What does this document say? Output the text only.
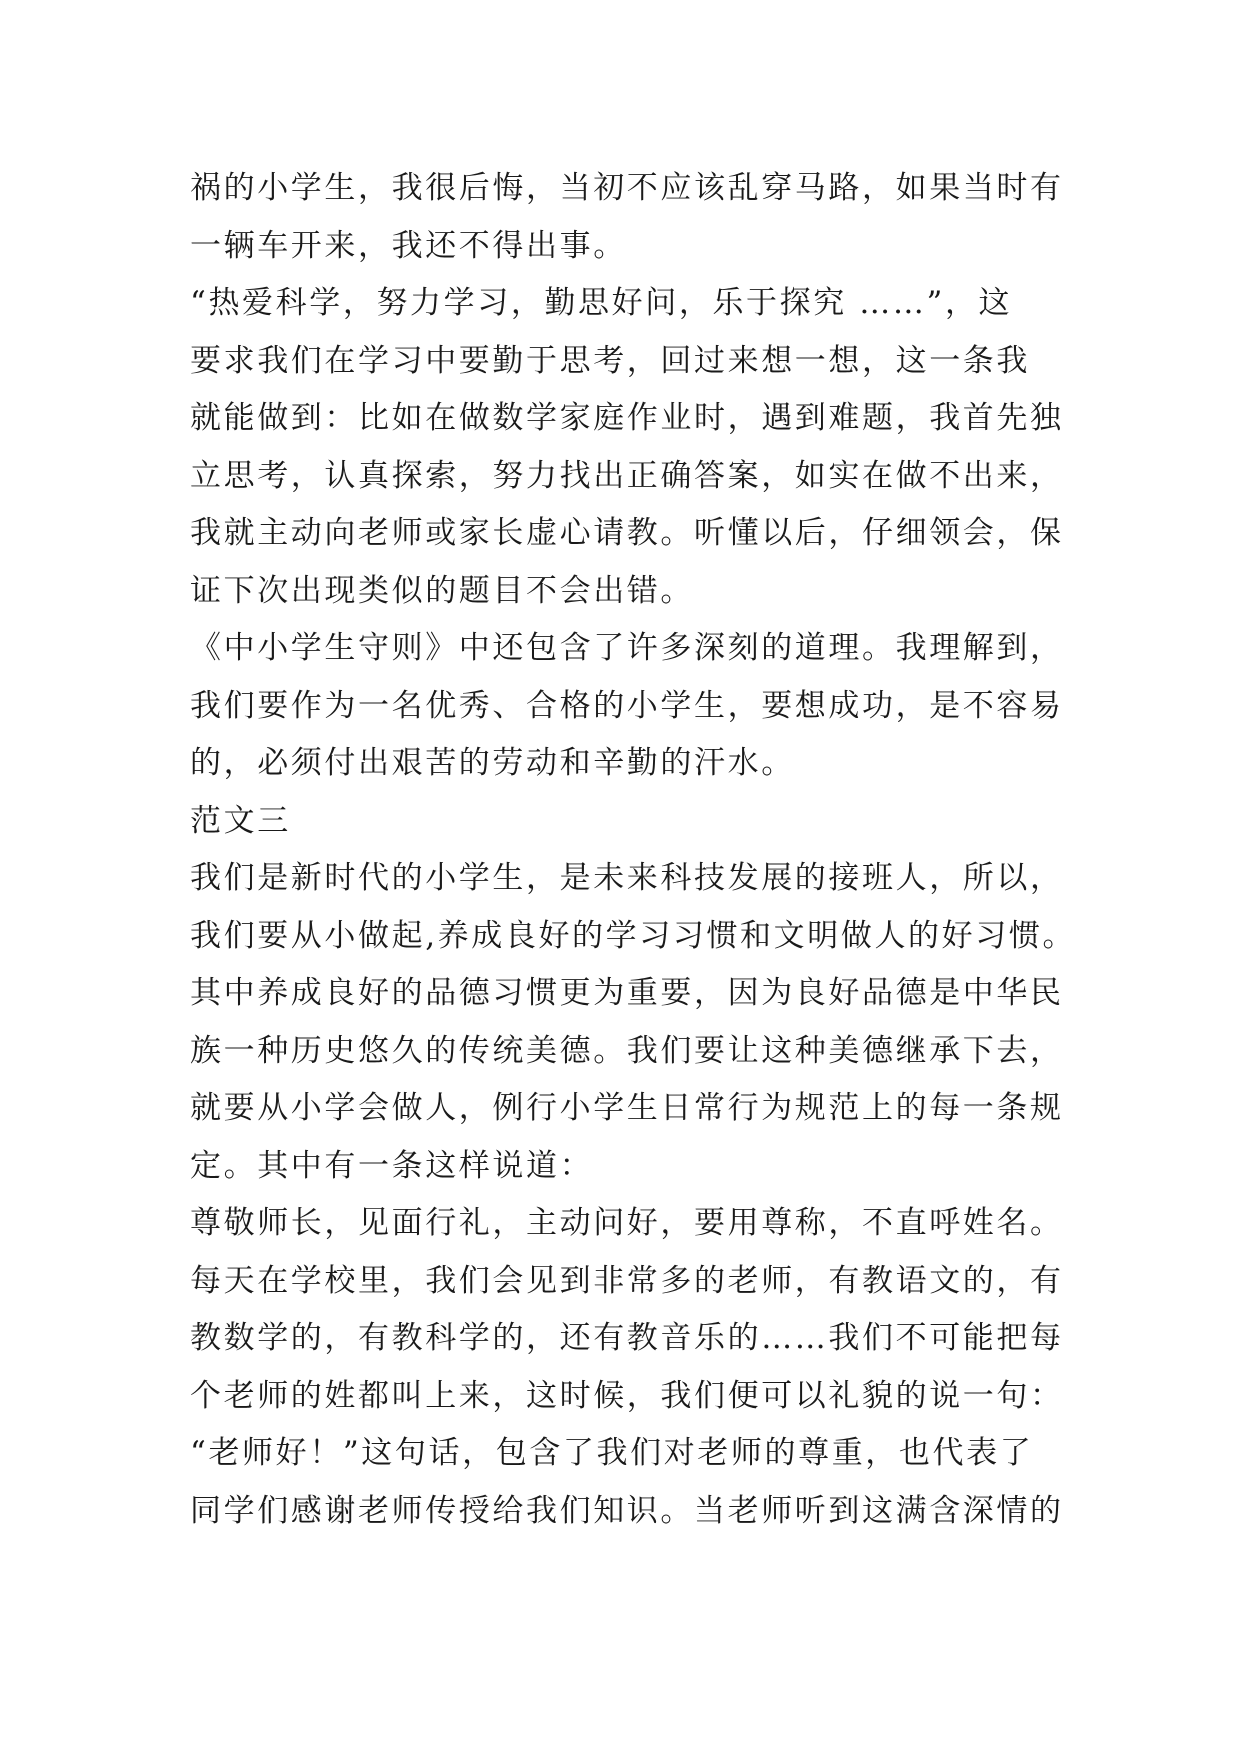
祸的小学生，我很后悔，当初不应该乱穿马路，如果当时有
一辆车开来，我还不得出事。
“热爱科学，努力学习，勤思好问，乐于探究 ……”，这
要求我们在学习中要勤于思考，回过来想一想，这一条我
就能做到：比如在做数学家庭作业时，遇到难题，我首先独
立思考，认真探索，努力找出正确答案，如实在做不出来，
我就主动向老师或家长虚心请教。听懂以后，仔细领会，保
证下次出现类似的题目不会出错。
《中小学生守则》中还包含了许多深刻的道理。我理解到，
我们要作为一名优秀、合格的小学生，要想成功，是不容易
的，必须付出艰苦的劳动和辛勤的汗水。
范文三
我们是新时代的小学生，是未来科技发展的接班人，所以，
我们要从小做起,养成良好的学习习惯和文明做人的好习惯。
其中养成良好的品德习惯更为重要，因为良好品德是中华民
族一种历史悠久的传统美德。我们要让这种美德继承下去，
就要从小学会做人，例行小学生日常行为规范上的每一条规
定。其中有一条这样说道：
尊敬师长，见面行礼，主动问好，要用尊称，不直呼姓名。
每天在学校里，我们会见到非常多的老师，有教语文的，有
教数学的，有教科学的，还有教音乐的……我们不可能把每
个老师的姓都叫上来，这时候，我们便可以礼貌的说一句：
“老师好！”这句话，包含了我们对老师的尊重，也代表了
同学们感谢老师传授给我们知识。当老师听到这满含深情的
